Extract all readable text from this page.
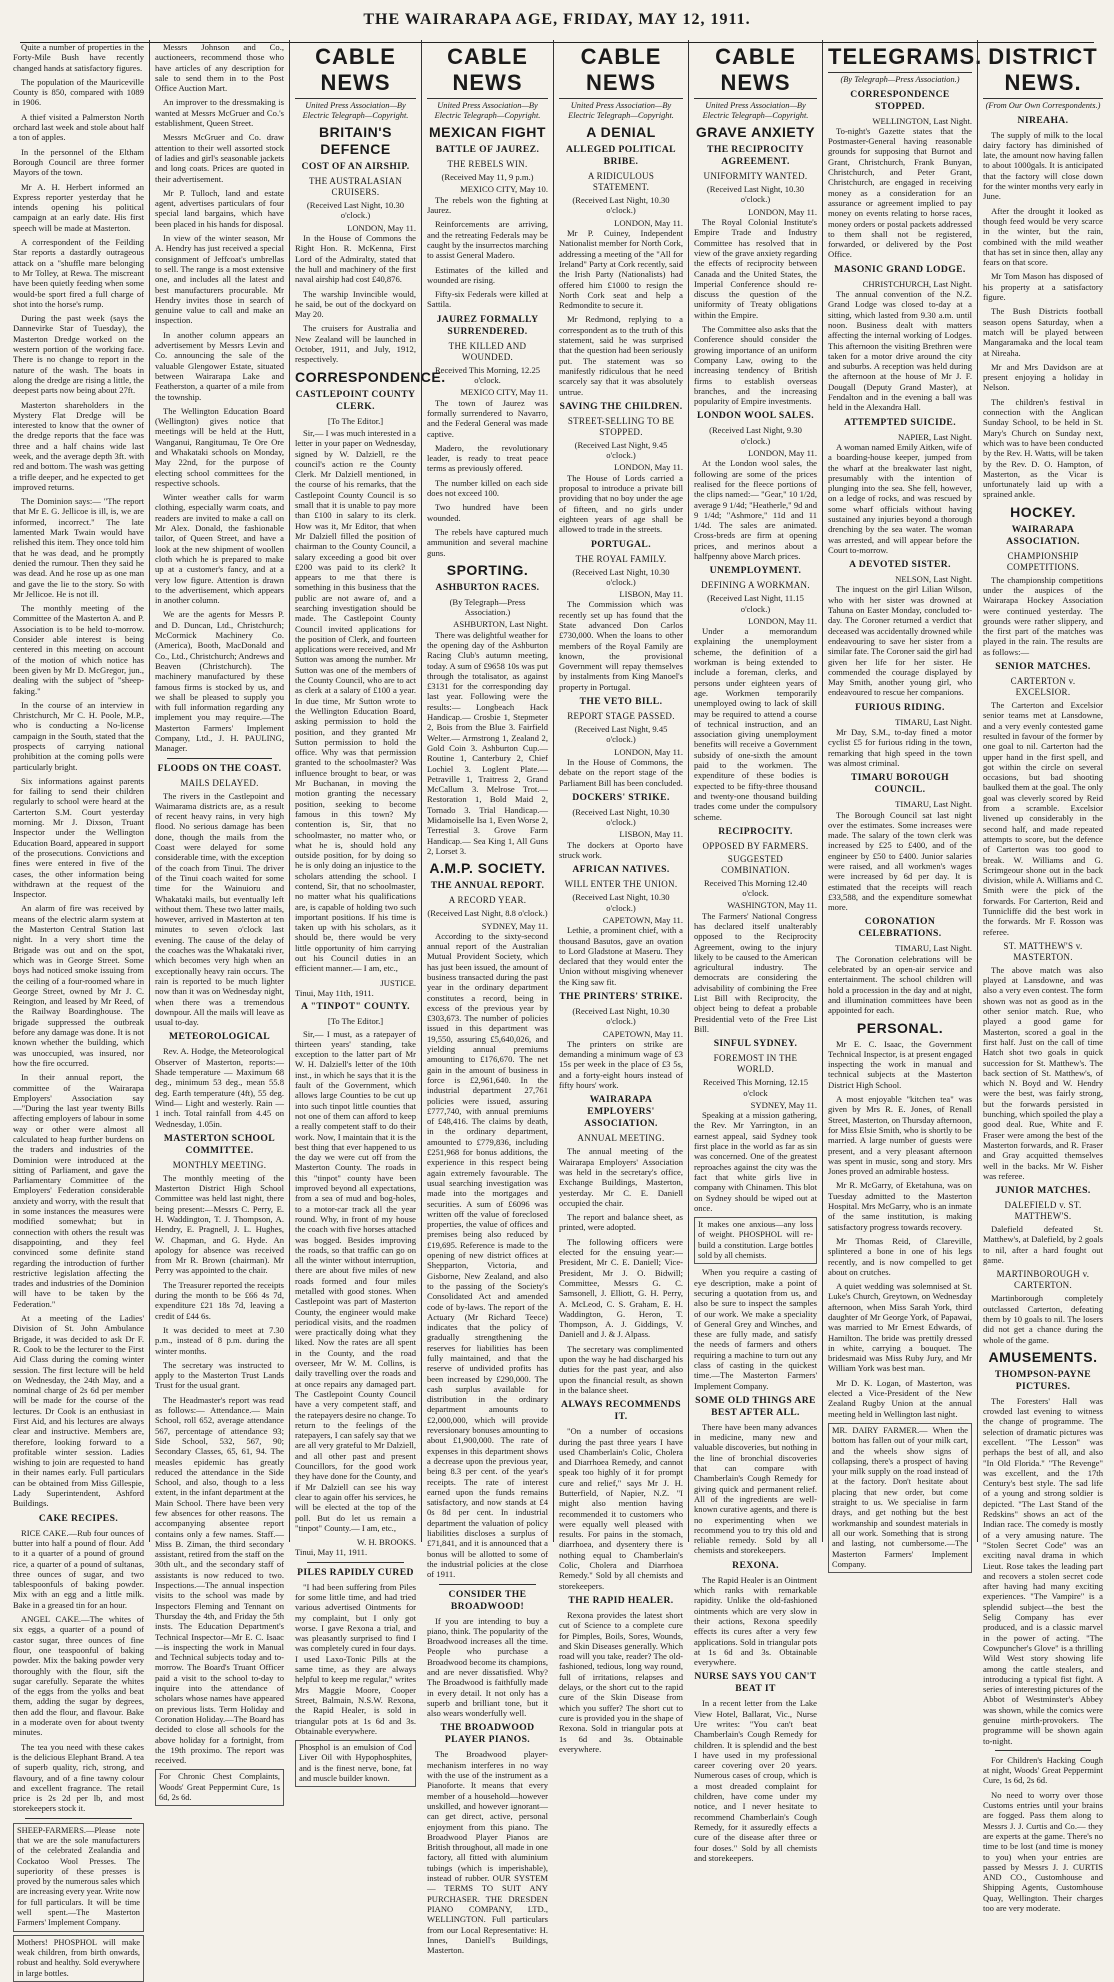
THE WAIRARAPA AGE, FRIDAY, MAY 12, 1911.

Quite a number of properties in the Forty-Mile Bush have recently changed hands at satisfactory figures.

The population of the Mauriceville County is 850, compared with 1089 in 1906.

A thief visited a Palmerston North orchard last week and stole about half a ton of apples.

In the personnel of the Eltham Borough Council are three former Mayors of the town.

Mr A. H. Herbert informed an Express reporter yesterday that he intends opening his political campaign at an early date. His first speech will be made at Masterton.

A correspondent of the Feilding Star reports a dastardly outrageous attack on a "shuffle mare belonging to Mr Tolley, at Rewa. The miscreant have been quietly feeding when some would-be sport fired a full charge of shot into the horse's rump.

During the past week (says the Dannevirke Star of Tuesday), the Masterton Dredge worked on the western portion of the working face. There is no change to report in the nature of the wash. The boats in along the dredge are rising a little, the deepest parts now being about 27ft.

Masterton shareholders in the Mystery Flat Dredge will be interested to know that the owner of the dredge reports that the face was three and a half chains wide last week, and the average depth 3ft. with red and bottom. The wash was getting a trifle deeper, and he expected to get improved returns.

The Dominion says:— "The report that Mr E. G. Jellicoe is ill, is, we are informed, incorrect." The late lamented Mark Twain would have relished this item. They once told him that he was dead, and he promptly denied the rumour. Then they said he was dead. And he rose up as one man and gave the lie to the story. So with Mr Jellicoe. He is not ill.

The monthly meeting of the Committee of the Masterton A. and P. Association is to be held to-morrow. Consider able interest is being centered in this meeting on account of the motion of which notice has been given by Mr D. McGregor, jun., dealing with the subject of "sheep-faking."

In the course of an interview in Christchurch, Mr C. H. Poole, M.P., who is conducting a No-license campaign in the South, stated that the prospects of carrying national prohibition at the coming polls were particularly bright.

Six informations against parents for failing to send their children regularly to school were heard at the Carterton S.M. Court yesterday morning. Mr J. Dixson, Truant Inspector under the Wellington Education Board, appeared in support of the prosecutions. Convictions and fines were entered in five of the cases, the other information being withdrawn at the request of the Inspector.

An alarm of fire was received by means of the electric alarm system at the Masterton Central Station last night. In a very short time the Brigade was out and on the spot, which was in George Street. Some boys had noticed smoke issuing from the ceiling of a four-roomed whare in George Street, owned by Mr J. C. Reington, and leased by Mr Reed, of the Railway Boardinghouse. The brigade suppressed the outbreak before any damage was done. It is not known whether the building, which was unoccupied, was insured, nor how the fire occurred.

In their annual report, the committee of the Wairarapa Employers' Association say—"During the last year twenty Bills affecting employers of labour in some way or other were almost all calculated to heap further burdens on the traders and industries of the Dominion were introduced at the sitting of Parliament, and gave the Parliamentary Committee of the Employers' Federation considerable anxiety and worry, with the result that in some instances the measures were modified somewhat; but in connection with others the result was disappointing, and they feel convinced some definite stand regarding the introduction of further restrictive legislation affecting the trades and industries of the Dominion will have to be taken by the Federation."

At a meeting of the Ladies' Division of St. John Ambulance Brigade, it was decided to ask Dr F. R. Cook to be the lecturer to the First Aid Class during the coming winter session. The first lecture will be held on Wednesday, the 24th May, and a nominal charge of 2s 6d per member will be made for the course of the lectures. Dr Cook is an enthusiast in First Aid, and his lectures are always clear and instructive. Members are, therefore, looking forward to a profitable winter session. Ladies wishing to join are requested to hand in their names early. Full particulars can be obtained from Miss Gillespie, Lady Superintendent, Ashford Buildings.

CAKE RECIPES.

RICE CAKE.—Rub four ounces of butter into half a pound of flour. Add to it a quarter of a pound of ground rice, a quarter of a pound of sultanas, three ounces of sugar, and two tablespoonfuls of baking powder. Mix with an egg and a little milk. Bake in a greased tin for an hour.

ANGEL CAKE.—The whites of six eggs, a quarter of a pound of castor sugar, three ounces of fine flour, one teaspoonful of baking powder. Mix the baking powder very thoroughly with the flour, sift the sugar carefully. Separate the whites of the eggs from the yolks and beat them, adding the sugar by degrees, then add the flour, and flavour. Bake in a moderate oven for about twenty minutes.

The tea you need with these cakes is the delicious Elephant Brand. A tea of superb quality, rich, strong, and flavoury, and of a fine tawny colour and excellent fragrance. The retail price is 2s 2d per lb, and most storekeepers stock it.

SHEEP-FARMERS.—Please note that we are the sole manufacturers of the celebrated Zealandia and Cockatoo Wool Presses. The superiority of these presses is proved by the numerous sales which are increasing every year. Write now for full particulars. It will be time well spent.—The Masterton Farmers' Implement Company.
Mothers! PHOSPHOL will make weak children, from birth onwards, robust and healthy. Sold everywhere in large bottles.

Messrs Johnson and Co., auctioneers, recommend those who have articles of any description for sale to send them in to the Post Office Auction Mart.

An improver to the dressmaking is wanted at Messrs McGruer and Co.'s establishment, Queen Street.

Messrs McGruer and Co. draw attention to their well assorted stock of ladies and girl's seasonable jackets and long coats. Prices are quoted in their advertisement.

Mr P. Tulloch, land and estate agent, advertises particulars of four special land bargains, which have been placed in his hands for disposal.

In view of the winter season, Mr A. Hendry has just received a special consignment of Jeffcoat's umbrellas to sell. The range is a most extensive one, and includes all the latest and best manufacturers procurable. Mr Hendry invites those in search of genuine value to call and make an inspection.

In another column appears an advertisement by Messrs Levin and Co. announcing the sale of the valuable Glengower Estate, situated between Wairarapa Lake and Featherston, a quarter of a mile from the township.

The Wellington Education Board (Wellington) gives notice that meetings will be held at the Hutt, Wanganui, Rangitumau, Te Ore Ore and Whakataki schools on Monday, May 22nd, for the purpose of electing school committees for the respective schools.

Winter weather calls for warm clothing, especially warm coats, and readers are invited to make a call on Mr Alex. Donald, the fashionable tailor, of Queen Street, and have a look at the new shipment of woollen cloth which he is prepared to make up at a customer's fancy, and at a very low figure. Attention is drawn to the advertisement, which appears in another column.

We are the agents for Messrs P. and D. Duncan, Ltd., Christchurch; McCormick Machinery Co. (America), Booth, MacDonald and Co., Ltd., Christchurch; Andrews and Beaven (Christchurch). The machinery manufactured by these famous firms is stocked by us, and we shall be pleased to supply you with full information regarding any implement you may require.—The Masterton Farmers' Implement Company, Ltd., J. H. PAULING, Manager.

FLOODS ON THE COAST.
MAILS DELAYED.

The rivers in the Castlepoint and Waimarama districts are, as a result of recent heavy rains, in very high flood. No serious damage has been done, though the mails from the Coast were delayed for some considerable time, with the exception of the coach from Tinui. The driver of the Tinui coach waited for some time for the Wainuioru and Whakataki mails, but eventually left without them. These two latter mails, however, arrived in Masterton at ten minutes to seven o'clock last evening. The cause of the delay of the coaches was the Whakataki river, which becomes very high when an exceptionally heavy rain occurs. The rain is reported to be much lighter now than it was on Wednesday night, when there was a tremendous downpour. All the mails will leave as usual to-day.

METEOROLOGICAL

Rev. A. Hodge, the Meteorological Observer of Masterton, reports:— Shade temperature — Maximum 68 deg., minimum 53 deg., mean 55.8 deg. Earth temperature (4ft), 55 deg. Wind— Light and westerly. Rain — 1 inch. Total rainfall from 4.45 on Wednesday, 1.05in.

MASTERTON SCHOOL COMMITTEE.
MONTHLY MEETING.

The monthly meeting of the Masterton District High School Committee was held last night, there being present:—Messrs C. Perry, E. H. Waddington, T. J. Thompson, A. Hendry, E. Pragnell, J. L. Hughes, W. Chapman, and G. Hyde. An apology for absence was received from Mr R. Brown (chairman). Mr Perry was appointed to the chair.

The Treasurer reported the receipts during the month to be £66 4s 7d, expenditure £21 18s 7d, leaving a credit of £44 6s.

It was decided to meet at 7.30 p.m., instead of 8 p.m. during the winter months.

The secretary was instructed to apply to the Masterton Trust Lands Trust for the usual grant.

The Headmaster's report was read as follows:— Attendance.— Main School, roll 652, average attendance 567, percentage of attendance 93; Side School, 532, 567, 90; Secondary Classes, 65, 61, 94. The measles epidemic has greatly reduced the attendance in the Side School, and also, though to a less extent, in the infant department at the Main School. There have been very few absences for other reasons. The accompanying absentee report contains only a few names. Staff.—Miss B. Ziman, the third secondary assistant, retired from the staff on the 30th ult., and the secondary staff of assistants is now reduced to two. Inspections.—The annual inspection visits to the school was made by Inspectors Fleming and Tennant on Thursday the 4th, and Friday the 5th insts. The Education Department's Technical Inspector—Mr E. C. Isaac—is inspecting the work in Manual and Technical subjects today and to-morrow. The Board's Truant Officer paid a visit to the school to-day to inquire into the attendance of scholars whose names have appeared on previous lists. Term Holiday and Coronation Holiday.—The Board has decided to close all schools for the above holiday for a fortnight, from the 19th proximo. The report was received.

For Chronic Chest Complaints, Woods' Great Peppermint Cure, 1s 6d, 2s 6d.
CABLE NEWS
United Press Association—By Electric Telegraph—Copyright.
BRITAIN'S DEFENCE
COST OF AN AIRSHIP.
THE AUSTRALASIAN CRUISERS.
(Received Last Night, 10.30 o'clock.)
LONDON, May 11.

In the House of Commons the Right Hon. R. McKenna, First Lord of the Admiralty, stated that the hull and machinery of the first naval airship had cost £40,876.

The warship Invincible would, he said, be out of the dockyard on May 20.

The cruisers for Australia and New Zealand will be launched in October, 1911, and July, 1912, respectively.

CORRESPONDENCE.
CASTLEPOINT COUNTY CLERK.
[To The Editor.]

Sir,— I was much interested in a letter in your paper on Wednesday, signed by W. Dalziell, re the council's action re the County Clerk. Mr Dalziell mentioned, in the course of his remarks, that the Castlepoint County Council is so small that it is unable to pay more than £100 in salary to its clerk. How was it, Mr Editor, that when Mr Dalziell filled the position of chairman to the County Council, a salary exceeding a good bit over £200 was paid to its clerk? It appears to me that there is something in this business that the public are not aware of, and a searching investigation should be made. The Castlepoint County Council invited applications for the position of Clerk, and fourteen applications were received, and Mr Sutton was among the number. Mr Sutton was one of the members of the County Council, who are to act as clerk at a salary of £100 a year. In due time, Mr Sutton wrote to the Wellington Education Board, asking permission to hold the position, and they granted Mr Sutton permission to hold the office. Why was that permission granted to the schoolmaster? Was influence brought to bear, or was Mr Buchanan, in moving the motion granting the necessary position, seeking to become famous in this town? My contention is, Sir, that no schoolmaster, no matter who, or what he is, should hold any outside position, for by doing so he is only doing an injustice to the scholars attending the school. I contend, Sir, that no schoolmaster, no matter what his qualifications are, is capable of holding two such important positions. If his time is taken up with his scholars, as it should be, there would be very little opportunity of him carrying out his Council duties in an efficient manner.— I am, etc.,

JUSTICE.
Tinui, May 11th, 1911.
A "TINPOT" COUNTY.
[To The Editor.]

Sir,— I must, as a ratepayer of thirteen years' standing, take exception to the latter part of Mr W. H. Dalziell's letter of the 10th inst., in which he says that it is the fault of the Government, which allows large Counties to be cut up into such tinpot little counties that not one of them can afford to keep a really competent staff to do their work. Now, I maintain that it is the best thing that ever happened to us the day we were cut off from the Masterton County. The roads in this "tinpot" county have been improved beyond all expectations, from a sea of mud and bog-holes, to a motor-car track all the year round. Why, in front of my house the coach with five horses attached was bogged. Besides improving the roads, so that traffic can go on all the winter without interruption, there are about five miles of new roads formed and four miles metalled with good stones. When Castlepoint was part of Masterton County, the engineer would make periodical visits, and the roadmen were practically doing what they liked. Now the rates are all spent in the County, and the road overseer, Mr W. M. Collins, is daily travelling over the roads and at once repairs any damaged part. The Castlepoint County Council have a very competent staff, and the ratepayers desire no change. To return to the feelings of the ratepayers, I can safely say that we are all very grateful to Mr Dalziell, and all other past and present Councillors, for the good work they have done for the County, and if Mr Dalziell can see his way clear to again offer his services, he will be elected at the top of the poll. But do let us remain a "tinpot" County.— I am, etc.,

W. H. BROOKS.
Tinui, May 11, 1911.
PILES RAPIDLY CURED

"I had been suffering from Piles for some little time, and had tried various advertised Ointments for my complaint, but I only got worse. I gave Rexona a trial, and was pleasantly surprised to find I was completely cured in four days. I used Laxo-Tonic Pills at the same time, as they are always helpful to keep me regular," writes Mrs Maggie Moore, Cooper Street, Balmain, N.S.W. Rexona, the Rapid Healer, is sold in triangular pots at 1s 6d and 3s. Obtainable everywhere.

Phosphol is an emulsion of Cod Liver Oil with Hypophosphites, and is the finest nerve, bone, fat and muscle builder known.
CABLE NEWS
United Press Association—By Electric Telegraph—Copyright.
MEXICAN FIGHT
BATTLE OF JAUREZ.
THE REBELS WIN.
(Received May 11, 9 p.m.)
MEXICO CITY, May 10.

The rebels won the fighting at Jaurez.

Reinforcements are arriving, and the retreating Federals may be caught by the insurrectos marching to assist General Madero.

Estimates of the killed and wounded are rising.

Fifty-six Federals were killed at Sattila.

JAUREZ FORMALLY SURRENDERED.
THE KILLED AND WOUNDED.
Received This Morning, 12.25 o'clock.
MEXICO CITY, May 11.

The town of Jaurez was formally surrendered to Navarro, and the Federal General was made captive.

Madero, the revolutionary leader, is ready to treat peace terms as previously offered.

The number killed on each side does not exceed 100.

Two hundred have been wounded.

The rebels have captured much ammunition and several machine guns.

SPORTING.
ASHBURTON RACES.
(By Telegraph—Press Association.)
ASHBURTON, Last Night.

There was delightful weather for the opening day of the Ashburton Racing Club's autumn meeting, today. A sum of £9658 10s was put through the totalisator, as against £3131 for the corresponding day last year. Following were the results:— Longbeach Hack Handicap.— Crosbie 1, Stepmeter 2, Bois from the Blue 3. Fairfield Welter.— Armstrong 1, Zealand 2, Gold Coin 3. Ashburton Cup.— Routine 1, Canterbury 2, Chief Lochiel 3. Loglent Plate.— Petraville 1, Traitress 2, Grand McCallum 3. Melrose Trot.— Restoration 1, Bold Maid 2, Tornado 3. Trial Handicap.— Midamoiselle Isa 1, Even Worse 2, Terrestial 3. Grove Farm Handicap.— Sea King 1, All Guns 2, Lorset 3.

A.M.P. SOCIETY.
THE ANNUAL REPORT.
A RECORD YEAR.
(Received Last Night, 8.8 o'clock.)
SYDNEY, May 11.

According to the sixty-second annual report of the Australian Mutual Provident Society, which has just been issued, the amount of business transacted during the past year in the ordinary department constitutes a record, being in excess of the previous year by £303,673. The number of policies issued in this department was 19,550, assuring £5,640,026, and yielding annual premiums amounting to £176,670. The net gain in the amount of business in force is £2,961,640. In the industrial department 27,761 policies were issued, assuring £777,740, with annual premiums of £48,416. The claims by death, in the ordinary department, amounted to £779,836, including £251,968 for bonus additions, the experience in this respect being again extremely favourable. The usual searching investigation was made into the mortgages and securities. A sum of £6096 was written off the value of foreclosed properties, the value of offices and premises being also reduced by £19,695. Reference is made to the opening of new district offices at Shepparton, Victoria, and Gisborne, New Zealand, and also to the passing of the Society's Consolidated Act and amended code of by-laws. The report of the Actuary (Mr Richard Teece) indicates that the policy of gradually strengthening the reserves for liabilities has been fully maintained, and that the reserve of undivided profits has been increased by £290,000. The cash surplus available for distribution in the ordinary department amounts to £2,000,000, which will provide reversionary bonuses amounting to about £1,900,000. The rate of expenses in this department shows a decrease upon the previous year, being 8.3 per cent. of the year's receipts. The rate of interest earned upon the funds remains satisfactory, and now stands at £4 0s 8d per cent. In industrial department the valuation of policy liabilities discloses a surplus of £71,841, and it is announced that a bonus will be allotted to some of the industrial policies at the close of 1911.

CONSIDER THE BROADWOOD!

If you are intending to buy a piano, think. The popularity of the Broadwood increases all the time. People who purchase a Broadwood become its champions, and are never dissatisfied. Why? The Broadwood is faithfully made in every detail. It not only has a superb and brilliant tone, but it also wears wonderfully well.

THE BROADWOOD PLAYER PIANOS.

The Broadwood player-mechanism interferes in no way with the use of the instrument as a Pianoforte. It means that every member of a household—however unskilled, and however ignorant—can get direct, active, personal enjoyment from this piano. The Broadwood Player Pianos are British throughout, all made in one factory, all fitted with aluminium tubings (which is imperishable), instead of rubber. OUR SYSTEM — TERMS TO SUIT ANY PURCHASER. THE DRESDEN PIANO COMPANY, LTD., WELLINGTON. Full particulars from our Local Representative: H. Innes, Daniell's Buildings, Masterton.

CABLE NEWS
United Press Association—By Electric Telegraph—Copyright.
A DENIAL
ALLEGED POLITICAL BRIBE.
A RIDICULOUS STATEMENT.
(Received Last Night, 10.30 o'clock.)
LONDON, May 11.

Mr P. Cuiney, Independent Nationalist member for North Cork, addressing a meeting of the "All for Ireland" Party at Cork recently, said the Irish Party (Nationalists) had offered him £1000 to resign the North Cork seat and help a Redmondite to secure it.

Mr Redmond, replying to a correspondent as to the truth of this statement, said he was surprised that the question had been seriously put. The statement was so manifestly ridiculous that he need scarcely say that it was absolutely untrue.

SAVING THE CHILDREN.
STREET-SELLING TO BE STOPPED.
(Received Last Night, 9.45 o'clock.)
LONDON, May 11.

The House of Lords carried a proposal to introduce a private bill providing that no boy under the age of fifteen, and no girls under eighteen years of age shall be allowed to trade in the streets.

PORTUGAL.
THE ROYAL FAMILY.
(Received Last Night, 10.30 o'clock.)
LISBON, May 11.

The Commission which was recently set up has found that the State advanced Don Carlos £730,000. When the loans to other members of the Royal Family are known, the provisional Government will repay themselves by instalments from King Manoel's property in Portugal.

THE VETO BILL.
REPORT STAGE PASSED.
(Received Last Night, 9.45 o'clock.)
LONDON, May 11.

In the House of Commons, the debate on the report stage of the Parliament Bill has been concluded.

DOCKERS' STRIKE.
(Received Last Night, 10.30 o'clock.)
LISBON, May 11.

The dockers at Oporto have struck work.

AFRICAN NATIVES.
WILL ENTER THE UNION.
(Received Last Night, 10.30 o'clock.)
CAPETOWN, May 11.

Lethie, a prominent chief, with a thousand Basutos, gave an ovation to Lord Gladstone at Maseru. They declared that they would enter the Union without misgiving whenever the King saw fit.

THE PRINTERS' STRIKE.
(Received Last Night, 10.30 o'clock.)
CAPETOWN, May 11.

The printers on strike are demanding a minimum wage of £3 15s per week in the place of £3 5s, and a forty-eight hours instead of fifty hours' work.

WAIRARAPA EMPLOYERS' ASSOCIATION.
ANNUAL MEETING.

The annual meeting of the Wairarapa Employers' Association was held in the secretary's office, Exchange Buildings, Masterton, yesterday. Mr C. E. Daniell occupied the chair.

The report and balance sheet, as printed, were adopted.

The following officers were elected for the ensuing year:— President, Mr C. E. Daniell; Vice-President, Mr J. O. Bidwill; Committee, Messrs G. C. Samsonell, J. Elliott, G. H. Perry, A. McLeod, C. S. Graham, E. H. Waddington, G. Heron, T. Thompson, A. J. Giddings, V. Daniell and J. & J. Alpass.

The secretary was complimented upon the way he had discharged his duties for the past year, and also upon the financial result, as shown in the balance sheet.

ALWAYS RECOMMENDS IT.

"On a number of occasions during the past three years I have used Chamberlain's Colic, Cholera and Diarrhoea Remedy, and cannot speak too highly of it for prompt cure and relief," says Mr J. H. Butterfield, of Napier, N.Z. "I might also mention having recommended it to customers who were equally well pleased with results. For pains in the stomach, diarrhoea, and dysentery there is nothing equal to Chamberlain's Colic, Cholera and Diarrhoea Remedy." Sold by all chemists and storekeepers.

THE RAPID HEALER.

Rexona provides the latest short cut of Science to a complete cure for Pimples, Boils, Sores, Wounds, and Skin Diseases generally. Which road will you take, reader? The old-fashioned, tedious, long way round, full of irritations, relapses and delays, or the short cut to the rapid cure of the Skin Disease from which you suffer? The short cut to cure is provided you in the shape of Rexona. Sold in triangular pots at 1s 6d and 3s. Obtainable everywhere.

CABLE NEWS
United Press Association—By Electric Telegraph—Copyright.
GRAVE ANXIETY
THE RECIPROCITY AGREEMENT.
UNIFORMITY WANTED.
(Received Last Night, 10.30 o'clock.)
LONDON, May 11.

The Royal Colonial Institute's Empire Trade and Industry Committee has resolved that in view of the grave anxiety regarding the effects of reciprocity between Canada and the United States, the Imperial Conference should re-discuss the question of the uniformity of Treaty obligations within the Empire.

The Committee also asks that the Conference should consider the growing importance of an uniform Company Law, owing to the increasing tendency of British firms to establish overseas branches, and the increasing popularity of Empire investments.

LONDON WOOL SALES.
(Received Last Night, 9.30 o'clock.)
LONDON, May 11.

At the London wool sales, the following are some of the prices realised for the fleece portions of the clips named:— "Gear," 10 1/2d, average 9 1/4d; "Heatherle," 9d and 9 1/4d; "Ashmore," 11d and 11 1/4d. The sales are animated. Cross-breds are firm at opening prices, and merinos about a halfpenny above March prices.

UNEMPLOYMENT.
DEFINING A WORKMAN.
(Received Last Night, 11.15 o'clock.)
LONDON, May 11.

Under a memorandum explaining the unemployment scheme, the definition of a workman is being extended to include a foreman, clerks, and persons under eighteen years of age. Workmen temporarily unemployed owing to lack of skill may be required to attend a course of technical instruction, and an association giving unemployment benefits will receive a Government subsidy of one-sixth the amount paid to the workmen. The expenditure of these bodies is expected to be fifty-three thousand and twenty-one thousand building trades come under the compulsory scheme.

RECIPROCITY.
OPPOSED BY FARMERS.
SUGGESTED COMBINATION.
Received This Morning 12.40 o'clock.
WASHINGTON, May 11.

The Farmers' National Congress has declared itself unalterably opposed to the Reciprocity Agreement, owing to the injury likely to be caused to the American agricultural industry. The democrats are considering the advisability of combining the Free List Bill with Reciprocity, the object being to defeat a probable Presidential veto of the Free List Bill.

SINFUL SYDNEY.
FOREMOST IN THE WORLD.
Received This Morning, 12.15 o'clock
SYDNEY, May 11.

Speaking at a mission gathering, the Rev. Mr Yarrington, in an earnest appeal, said Sydney took first place in the world as far as sin was concerned. One of the greatest reproaches against the city was the fact that white girls live in company with Chinamen. This blot on Sydney should be wiped out at once.

It makes one anxious—any loss of weight. PHOSPHOL will re-build a constitution. Large bottles sold by all chemists.

When you require a casting of eye description, make a point of securing a quotation from us, and also be sure to inspect the samples of our work. We make a speciality of General Grey and Winches, and these are fully made, and satisfy the needs of farmers and others requiring a machine to turn out any class of casting in the quickest time.—The Masterton Farmers' Implement Company.

SOME OLD THINGS ARE BEST AFTER ALL.

There have been many advances in medicine, many new and valuable discoveries, but nothing in the line of bronchial discoveries that can compare with Chamberlain's Cough Remedy for giving quick and permanent relief. All of the ingredients are well-known curative agents, and there is no experimenting when we recommend you to try this old and reliable remedy. Sold by all chemists and storekeepers.

REXONA.

The Rapid Healer is an Ointment which ranks with remarkable rapidity. Unlike the old-fashioned ointments which are very slow in their actions, Rexona speedily effects its cures after a very few applications. Sold in triangular pots at 1s 6d and 3s. Obtainable everywhere.

NURSE SAYS YOU CAN'T BEAT IT

In a recent letter from the Lake View Hotel, Ballarat, Vic., Nurse Ure writes: "You can't beat Chamberlain's Cough Remedy for children. It is splendid and the best I have used in my professional career covering over 20 years. Numerous cases of croup, which is a most dreaded complaint for children, have come under my notice, and I never hesitate to recommend Chamberlain's Cough Remedy, for it assuredly effects a cure of the disease after three or four doses." Sold by all chemists and storekeepers.

TELEGRAMS.
(By Telegraph—Press Association.)
CORRESPONDENCE STOPPED.
WELLINGTON, Last Night.

To-night's Gazette states that the Postmaster-General having reasonable grounds for supposing that Burnot and Grant, Christchurch, Frank Bunyan, Christchurch, and Peter Grant, Christchurch, are engaged in receiving money as a consideration for an assurance or agreement implied to pay money on events relating to horse races, money orders or postal packets addressed to them shall not be registered, forwarded, or delivered by the Post Office.

MASONIC GRAND LODGE.
CHRISTCHURCH, Last Night.

The annual convention of the N.Z. Grand Lodge was closed to-day at a sitting, which lasted from 9.30 a.m. until noon. Business dealt with matters affecting the internal working of Lodges. This afternoon the visiting Brethren were taken for a motor drive around the city and suburbs. A reception was held during the afternoon at the house of Mr J. F. Dougall (Deputy Grand Master), at Fendalton and in the evening a ball was held in the Alexandra Hall.

ATTEMPTED SUICIDE.
NAPIER, Last Night.

A woman named Emily Aitken, wife of a boarding-house keeper, jumped from the wharf at the breakwater last night, presumably with the intention of plunging into the sea. She fell, however, on a ledge of rocks, and was rescued by some wharf officials without having sustained any injuries beyond a thorough drenching by the sea water. The woman was arrested, and will appear before the Court to-morrow.

A DEVOTED SISTER.
NELSON, Last Night.

The inquest on the girl Lilian Wilson, who with her sister was drowned at Tahuna on Easter Monday, concluded to-day. The Coroner returned a verdict that deceased was accidentally drowned while endeavouring to save her sister from a similar fate. The Coroner said the girl had given her life for her sister. He commended the courage displayed by May Smith, another young girl, who endeavoured to rescue her companions.

FURIOUS RIDING.
TIMARU, Last Night.

Mr Day, S.M., to-day fined a motor cyclist £5 for furious riding in the town, remarking that high speed in the town was almost criminal.

TIMARU BOROUGH COUNCIL.
TIMARU, Last Night.

The Borough Council sat last night over the estimates. Some increases were made. The salary of the town clerk was increased by £25 to £400, and of the engineer by £50 to £400. Junior salaries were raised, and all workmen's wages were increased by 6d per day. It is estimated that the receipts will reach £33,588, and the expenditure somewhat more.

CORONATION CELEBRATIONS.
TIMARU, Last Night.

The Coronation celebrations will be celebrated by an open-air service and entertainment. The school children will hold a procession in the day and at night, and illumination committees have been appointed for each.

PERSONAL.

Mr E. C. Isaac, the Government Technical Inspector, is at present engaged inspecting the work in manual and technical subjects at the Masterton District High School.

A most enjoyable "kitchen tea" was given by Mrs R. E. Jones, of Renall Street, Masterton, on Thursday afternoon, for Miss Elsie Smith, who is shortly to be married. A large number of guests were present, and a very pleasant afternoon was spent in music, song and story. Mrs Jones proved an admirable hostess.

Mr R. McGarry, of Eketahuna, was on Tuesday admitted to the Masterton Hospital. Mrs McGarry, who is an inmate of the same institution, is making satisfactory progress towards recovery.

Mr Thomas Reid, of Clareville, splintered a bone in one of his legs recently, and is now compelled to get about on crutches.

A quiet wedding was solemnised at St. Luke's Church, Greytown, on Wednesday afternoon, when Miss Sarah York, third daughter of Mr George York, of Papawai, was married to Mr Ernest Edwards, of Hamilton. The bride was prettily dressed in white, carrying a bouquet. The bridesmaid was Miss Ruby Jury, and Mr William York was best man.

Mr D. K. Logan, of Masterton, was elected a Vice-President of the New Zealand Rugby Union at the annual meeting held in Wellington last night.

MR. DAIRY FARMER.— When the bottom has fallen out of your milk cart, and the wheels show signs of collapsing, there's a prospect of having your milk supply on the road instead of at the factory. Don't hesitate about placing that new order, but come straight to us. We specialise in farm drays, and get nothing but the best workmanship and soundest materials in all our work. Something that is strong and lasting, not cumbersome.—The Masterton Farmers' Implement Company.
DISTRICT NEWS.
(From Our Own Correspondents.)
NIREAHA.

The supply of milk to the local dairy factory has diminished of late, the amount now having fallen to about 1000gals. It is anticipated that the factory will close down for the winter months very early in June.

After the drought it looked as though feed would be very scarce in the winter, but the rain, combined with the mild weather that has set in since then, allay any fears on that score.

Mr Tom Mason has disposed of his property at a satisfactory figure.

The Bush Districts football season opens Saturday, when a match will be played between Mangaramaka and the local team at Nireaha.

Mr and Mrs Davidson are at present enjoying a holiday in Nelson.

The children's festival in connection with the Anglican Sunday School, to be held in St. Mary's Church on Sunday next, which was to have been conducted by the Rev. H. Watts, will be taken by the Rev. D. O. Hampton, of Masterton, as the Vicar is unfortunately laid up with a sprained ankle.

HOCKEY.
WAIRARAPA ASSOCIATION.
CHAMPIONSHIP COMPETITIONS.

The championship competitions under the auspices of the Wairarapa Hockey Association were continued yesterday. The grounds were rather slippery, and the first part of the matches was played in the rain. The results are as follows:—

SENIOR MATCHES.
CARTERTON v. EXCELSIOR.

The Carterton and Excelsior senior teams met at Lansdowne, and a very evenly contested game resulted in favour of the former by one goal to nil. Carterton had the upper hand in the first spell, and got within the circle on several occasions, but bad shooting baulked them at the goal. The only goal was cleverly scored by Reid from a scramble. Excelsior livened up considerably in the second half, and made repeated attempts to score, but the defence of Carterton was too good to break. W. Williams and G. Scrimgeour shone out in the back division, while A. Williams and C. Smith were the pick of the forwards. For Carterton, Reid and Tunnicliffe did the best work in the forwards. Mr F. Rosson was referee.

ST. MATTHEW'S v. MASTERTON.

The above match was also played at Lansdowne, and was also a very even contest. The form shown was not as good as in the other senior match. Rue, who played a good game for Masterton, scored a goal in the first half. Just on the call of time Hatch shot two goals in quick succession for St. Matthew's. The back section of St. Matthew's, of which N. Boyd and W. Hendry were the best, was fairly strong, but the forwards persisted in bunching, which spoiled the play a good deal. Rue, White and F. Fraser were among the best of the Masterton forwards, and R. Fraser and Gray acquitted themselves well in the backs. Mr W. Fisher was referee.

JUNIOR MATCHES.
DALEFIELD v. ST. MATTHEW'S.

Dalefield defeated St. Matthew's, at Dalefield, by 2 goals to nil, after a hard fought out game.

MARTINBOROUGH v. CARTERTON.

Martinborough completely outclassed Carterton, defeating them by 10 goals to nil. The losers did not get a chance during the whole of the game.

AMUSEMENTS.
THOMPSON-PAYNE PICTURES.

The Foresters' Hall was crowded last evening to witness the change of programme. The selection of dramatic pictures was excellent. "The Lesson" was perhaps the best of all, and also "In Old Florida." "The Revenge" was excellent, and the 17th Century's best style. The sad life of a young and strong soldier is depicted. "The Last Stand of the Redskins" shows an act of the Indian race. The comedy is mostly of a very amusing nature. The "Stolen Secret Code" was an exciting naval drama in which Lieut. Rose takes the leading part and recovers a stolen secret code after having had many exciting experiences. "The Vampire" is a splendid subject—the best the Selig Company has ever produced, and is a classic marvel in the power of acting. "The Cowpuncher's Glove" is a thrilling Wild West story showing life among the cattle stealers, and introducing a typical fist fight. A series of interesting pictures of the Abbot of Westminster's Abbey was shown, while the comics were genuine mirth-provokers. The programme will be shown again to-night.

For Children's Hacking Cough at night, Woods' Great Peppermint Cure, 1s 6d, 2s 6d.

No need to worry over those Customs entries until your brains are fogged. Pass them along to Messrs J. J. Curtis and Co.— they are experts at the game. There's no time to be lost (and time is money to you) when your entries are passed by Messrs J. J. CURTIS AND CO., Customhouse and Shipping Agents, Customhouse Quay, Wellington. Their charges too are very moderate.
